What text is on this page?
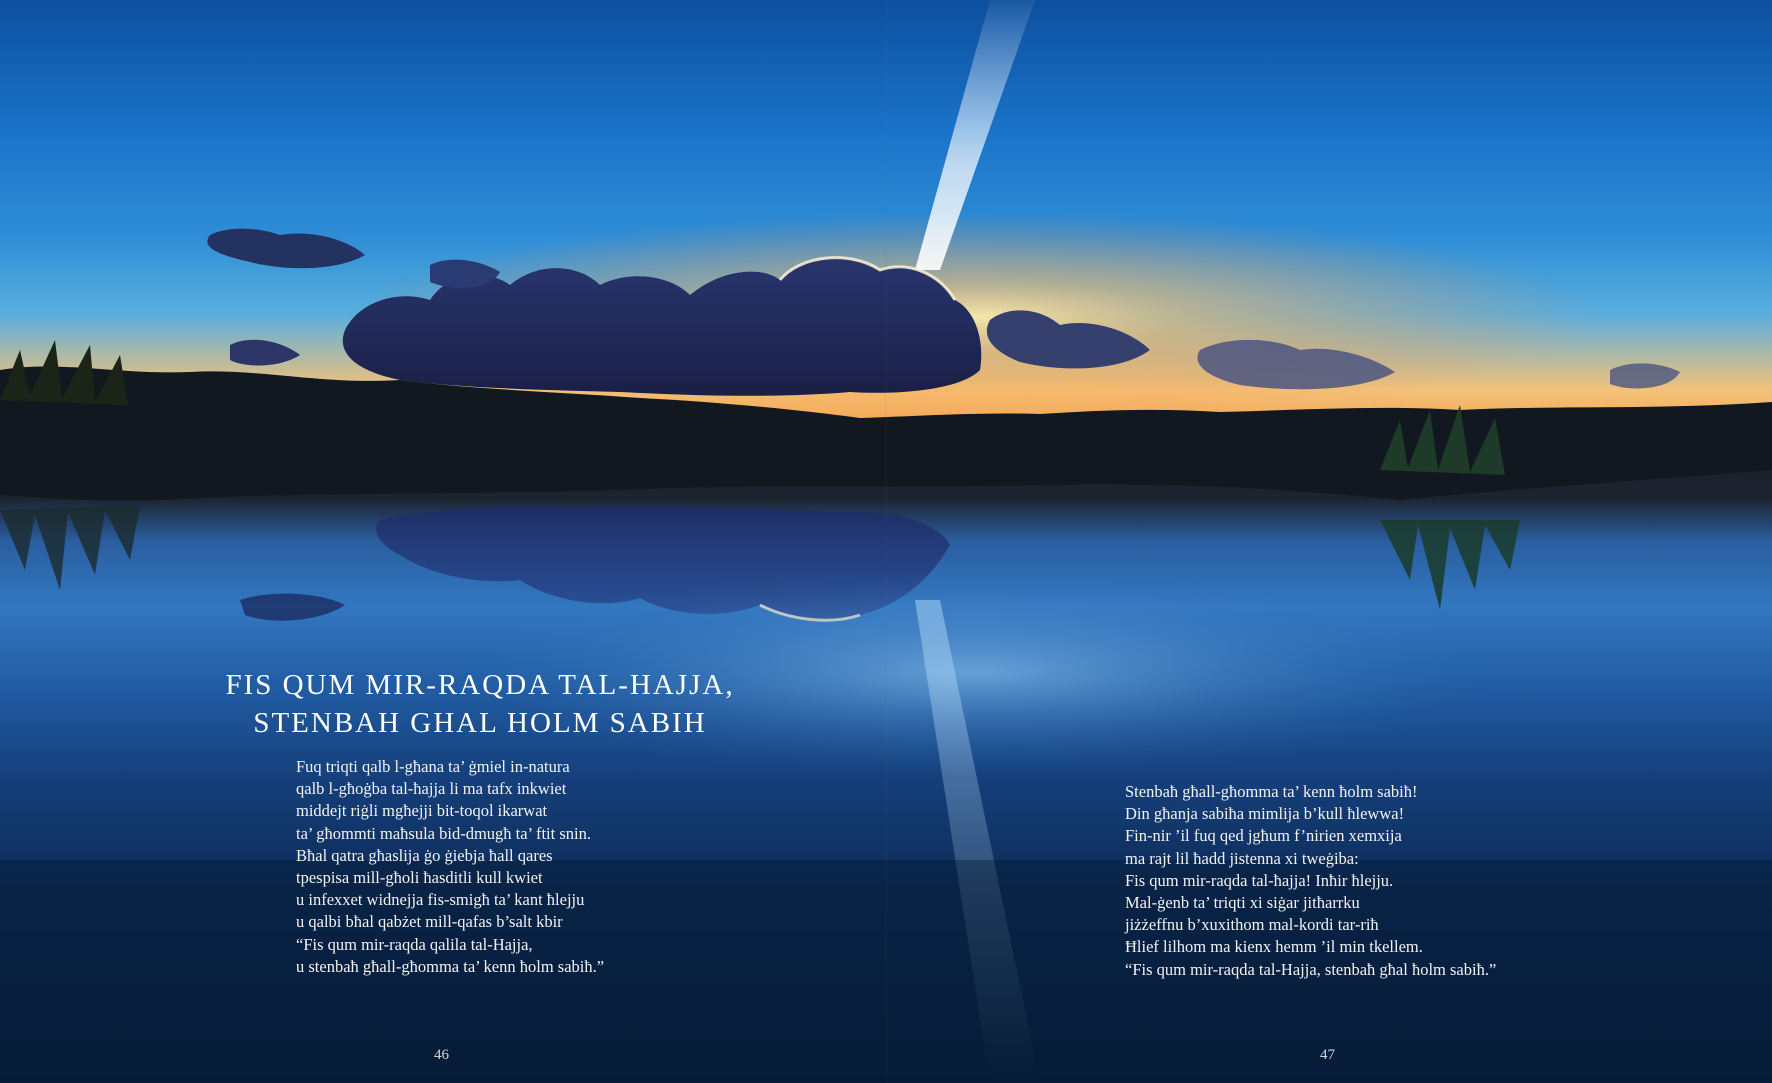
FIS QUM MIR-RAQDA TAL-HAJJA,
STENBAH GHAL HOLM SABIH
Fuq triqti qalb l-għana ta’ ġmiel in-natura
qalb l-għoġba tal-ħajja li ma tafx inkwiet
middejt riġli mgħejji bit-toqol ikarwat
ta’ għommti maħsula bid-dmugħ ta’ ftit snin.
Bħal qatra għaslija ġo ġiebja ħall qares
tpespisa mill-għoli ħasditli kull kwiet
u infexxet widnejja fis-smigħ ta’ kant ħlejju
u qalbi bħal qabżet mill-qafas b’salt kbir
“Fis qum mir-raqda qalila tal-Hajja,
u stenbaħ għall-għomma ta’ kenn ħolm sabiħ.”
Stenbaħ għall-għomma ta’ kenn ħolm sabiħ!
Din għanja sabiħa mimlija b’kull ħlewwa!
Fin-nir ’il fuq qed jgħum f’nirien xemxija
ma rajt lil ħadd jistenna xi tweġiba:
Fis qum mir-raqda tal-ħajja! Inħir ħlejju.
Mal-ġenb ta’ triqti xi siġar jitħarrku
jiżżeffnu b’xuxithom mal-kordi tar-riħ
Ħlief lilhom ma kienx hemm ’il min tkellem.
“Fis qum mir-raqda tal-Hajja, stenbaħ għal ħolm sabiħ.”
46	47
